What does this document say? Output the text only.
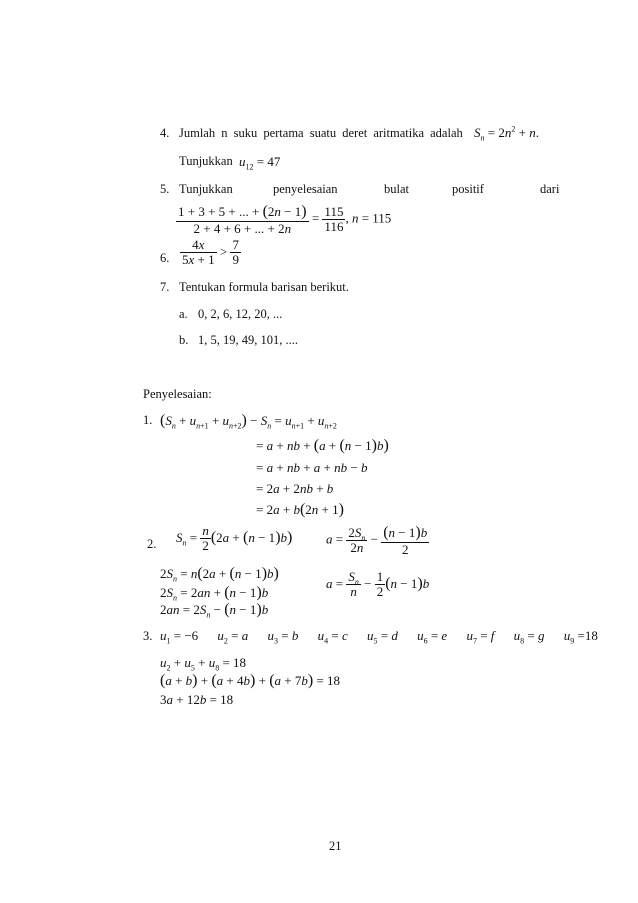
4. Jumlah n suku pertama suatu deret aritmatika adalah $S_n = 2n^2 + n$.
Tunjukkan $u_{12} = 47$
5. Tunjukkan	penyelesaian	bulat	positif	dari
$\frac{1 + 3 + 5 + ... + (2n - 1)}{2 + 4 + 6 + ... + 2n} = \frac{115}{116}$ , n = 115
6. $\frac{4x}{5x + 1} > \frac{7}{9}$
7. Tentukan formula barisan berikut.
a. 0, 2, 6, 12, 20, ...
b. 1, 5, 19, 49, 101, ....
Penyelesaian:
1. $(S_n + u_{n+1} + u_{n+2}) - S_n = u_{n+1} + u_{n+2}$
= a + nb + (a + (n − 1)b)
= a + nb + a + nb − b
= 2a + 2nb + b
= 2a + b(2n + 1)
2. $S_n = \frac{n}{2} (2a + (n - 1)b)$	$a = \frac{2S_n}{2n} - \frac{(n - 1)b}{2}$
$2S_n = n(2a + (n - 1)b)$
$2S_n = 2an + (n - 1)b$
$2an = 2S_n - (n - 1)b$
$a = \frac{S_n}{n} - \frac{1}{2} (n - 1)b$
3. $u_1 = -6$ $u_2 = a$ $u_3 = b$ $u_4 = c$ $u_5 = d$ $u_6 = e$ $u_7 = f$ $u_8 = g$ $u_9 =18$
$u_2 + u_5 + u_8 = 18$
(a + b) + (a + 4b) + (a + 7b) = 18
3a + 12b = 18
21
